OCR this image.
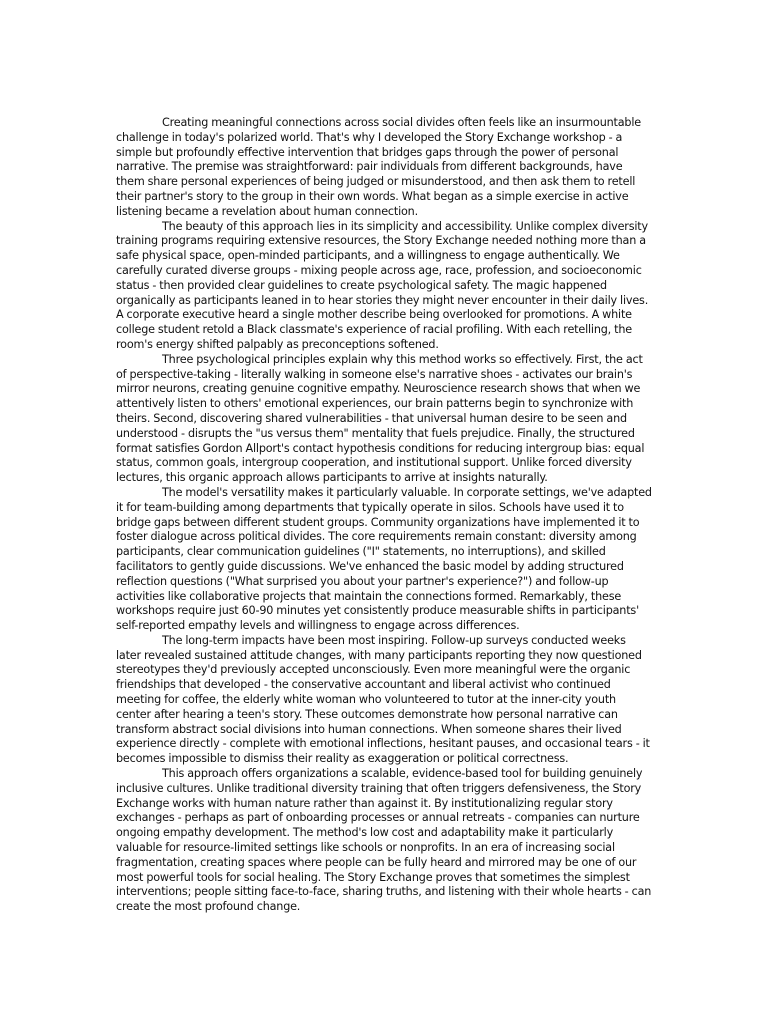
Creating meaningful connections across social divides often feels like an insurmountable challenge in today's polarized world. That's why I developed the Story Exchange workshop - a simple but profoundly effective intervention that bridges gaps through the power of personal narrative. The premise was straightforward: pair individuals from different backgrounds, have them share personal experiences of being judged or misunderstood, and then ask them to retell their partner's story to the group in their own words. What began as a simple exercise in active listening became a revelation about human connection.

The beauty of this approach lies in its simplicity and accessibility. Unlike complex diversity training programs requiring extensive resources, the Story Exchange needed nothing more than a safe physical space, open-minded participants, and a willingness to engage authentically. We carefully curated diverse groups - mixing people across age, race, profession, and socioeconomic status - then provided clear guidelines to create psychological safety. The magic happened organically as participants leaned in to hear stories they might never encounter in their daily lives. A corporate executive heard a single mother describe being overlooked for promotions. A white college student retold a Black classmate's experience of racial profiling. With each retelling, the room's energy shifted palpably as preconceptions softened.

Three psychological principles explain why this method works so effectively. First, the act of perspective-taking - literally walking in someone else's narrative shoes - activates our brain's mirror neurons, creating genuine cognitive empathy. Neuroscience research shows that when we attentively listen to others' emotional experiences, our brain patterns begin to synchronize with theirs. Second, discovering shared vulnerabilities - that universal human desire to be seen and understood - disrupts the "us versus them" mentality that fuels prejudice. Finally, the structured format satisfies Gordon Allport's contact hypothesis conditions for reducing intergroup bias: equal status, common goals, intergroup cooperation, and institutional support. Unlike forced diversity lectures, this organic approach allows participants to arrive at insights naturally.

The model's versatility makes it particularly valuable. In corporate settings, we've adapted it for team-building among departments that typically operate in silos. Schools have used it to bridge gaps between different student groups. Community organizations have implemented it to foster dialogue across political divides. The core requirements remain constant: diversity among participants, clear communication guidelines ("I" statements, no interruptions), and skilled facilitators to gently guide discussions. We've enhanced the basic model by adding structured reflection questions ("What surprised you about your partner's experience?") and follow-up activities like collaborative projects that maintain the connections formed. Remarkably, these workshops require just 60-90 minutes yet consistently produce measurable shifts in participants' self-reported empathy levels and willingness to engage across differences.

The long-term impacts have been most inspiring. Follow-up surveys conducted weeks later revealed sustained attitude changes, with many participants reporting they now questioned stereotypes they'd previously accepted unconsciously. Even more meaningful were the organic friendships that developed - the conservative accountant and liberal activist who continued meeting for coffee, the elderly white woman who volunteered to tutor at the inner-city youth center after hearing a teen's story. These outcomes demonstrate how personal narrative can transform abstract social divisions into human connections. When someone shares their lived experience directly - complete with emotional inflections, hesitant pauses, and occasional tears - it becomes impossible to dismiss their reality as exaggeration or political correctness.

This approach offers organizations a scalable, evidence-based tool for building genuinely inclusive cultures. Unlike traditional diversity training that often triggers defensiveness, the Story Exchange works with human nature rather than against it. By institutionalizing regular story exchanges - perhaps as part of onboarding processes or annual retreats - companies can nurture ongoing empathy development. The method's low cost and adaptability make it particularly valuable for resource-limited settings like schools or nonprofits. In an era of increasing social fragmentation, creating spaces where people can be fully heard and mirrored may be one of our most powerful tools for social healing. The Story Exchange proves that sometimes the simplest interventions; people sitting face-to-face, sharing truths, and listening with their whole hearts - can create the most profound change.
